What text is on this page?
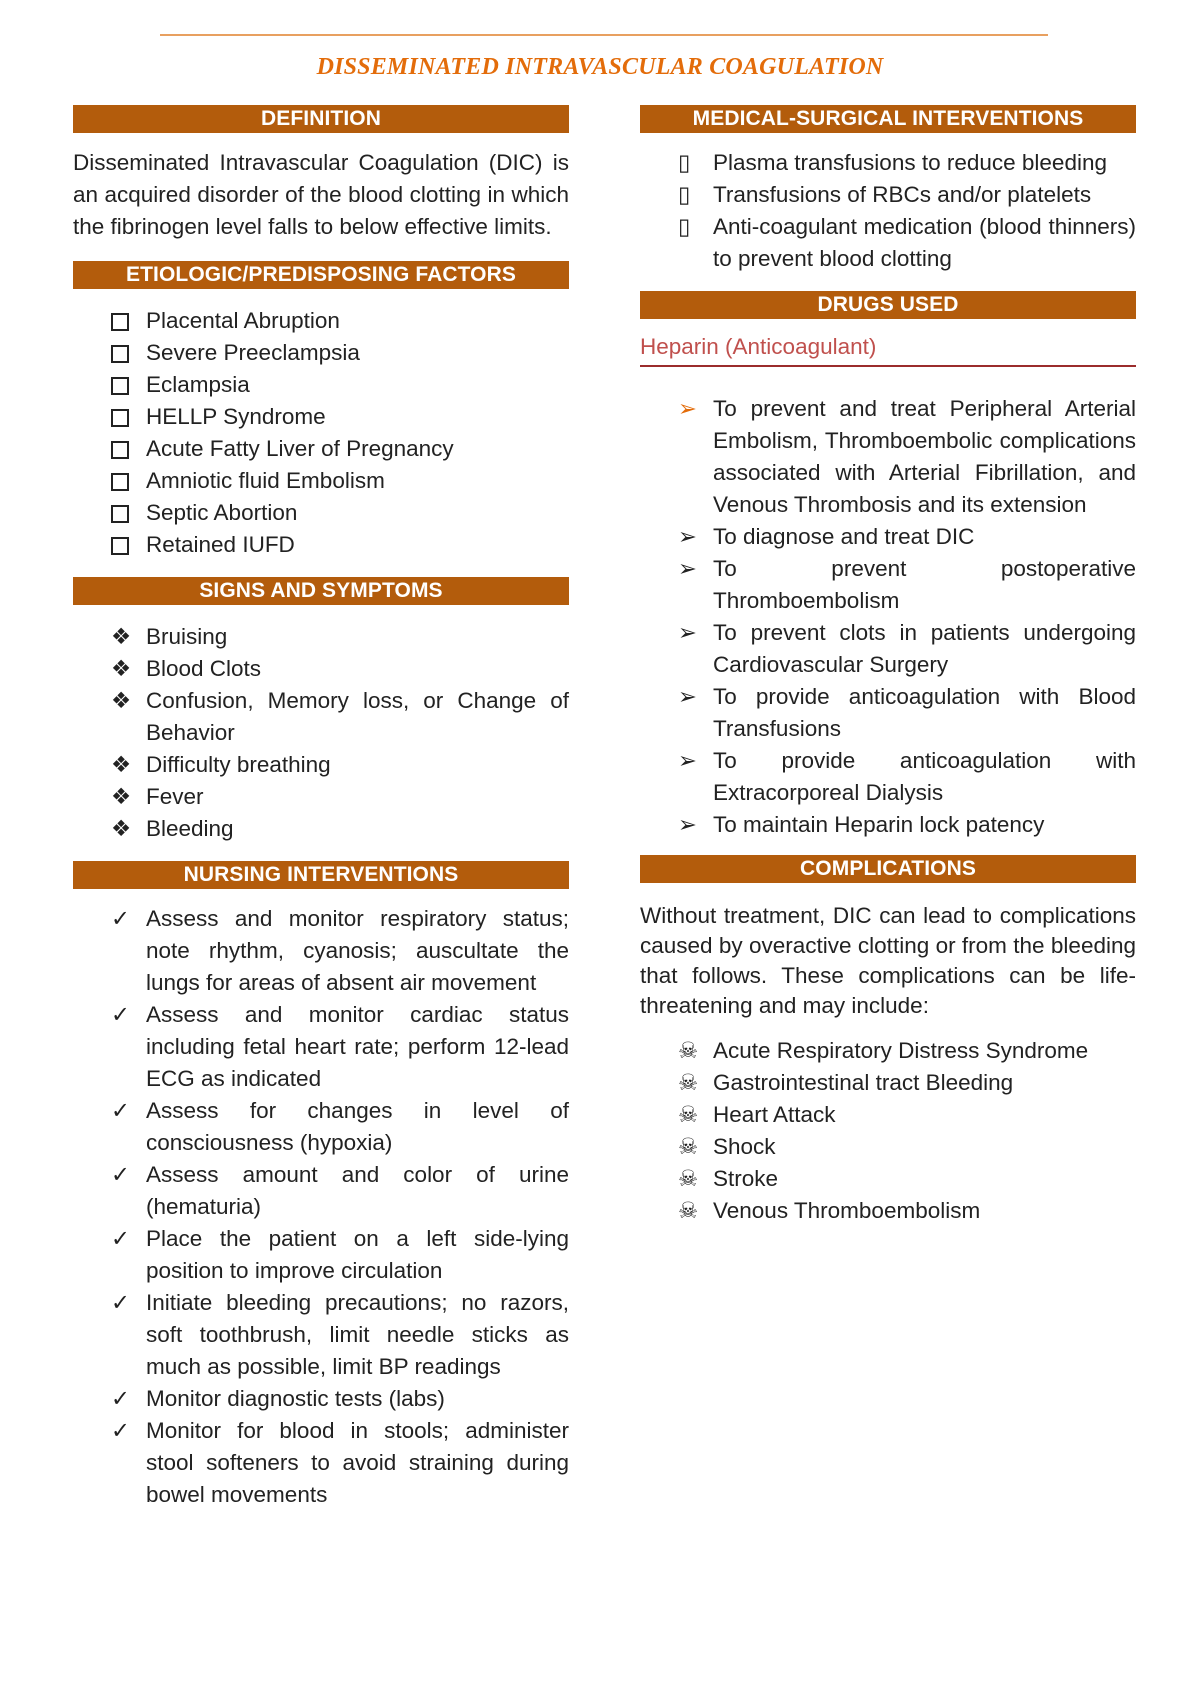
DISSEMINATED INTRAVASCULAR COAGULATION
DEFINITION

Disseminated Intravascular Coagulation (DIC) is an acquired disorder of the blood clotting in which the fibrinogen level falls to below effective limits.

ETIOLOGIC/PREDISPOSING FACTORS
Placental Abruption
Severe Preeclampsia
Eclampsia
HELLP Syndrome
Acute Fatty Liver of Pregnancy
Amniotic fluid Embolism
Septic Abortion
Retained IUFD
SIGNS AND SYMPTOMS
❖ Bruising
❖ Blood Clots
❖ Confusion, Memory loss, or Change of Behavior
❖ Difficulty breathing
❖ Fever
❖ Bleeding
NURSING INTERVENTIONS
✓ Assess and monitor respiratory status; note rhythm, cyanosis; auscultate the lungs for areas of absent air movement
✓ Assess and monitor cardiac status including fetal heart rate; perform 12-lead ECG as indicated
✓ Assess for changes in level of consciousness (hypoxia)
✓ Assess amount and color of urine (hematuria)
✓ Place the patient on a left side-lying position to improve circulation
✓ Initiate bleeding precautions; no razors, soft toothbrush, limit needle sticks as much as possible, limit BP readings
✓ Monitor diagnostic tests (labs)
✓ Monitor for blood in stools; administer stool softeners to avoid straining during bowel movements
MEDICAL-SURGICAL INTERVENTIONS
▯	Plasma transfusions to reduce bleeding
▯	Transfusions of RBCs and/or platelets
▯	Anti-coagulant medication (blood thinners) to prevent blood clotting
DRUGS USED
Heparin (Anticoagulant)
➢ To prevent and treat Peripheral Arterial Embolism, Thromboembolic complications associated with Arterial Fibrillation, and Venous Thrombosis and its extension
➢ To diagnose and treat DIC
➢ To prevent postoperative Thromboembolism
➢ To prevent clots in patients undergoing Cardiovascular Surgery
➢ To provide anticoagulation with Blood Transfusions
➢ To provide anticoagulation with Extracorporeal Dialysis
➢ To maintain Heparin lock patency
COMPLICATIONS

Without treatment, DIC can lead to complications caused by overactive clotting or from the bleeding that follows. These complications can be life-threatening and may include:

☠ Acute Respiratory Distress Syndrome
☠ Gastrointestinal tract Bleeding
☠ Heart Attack
☠ Shock
☠ Stroke
☠ Venous Thromboembolism
